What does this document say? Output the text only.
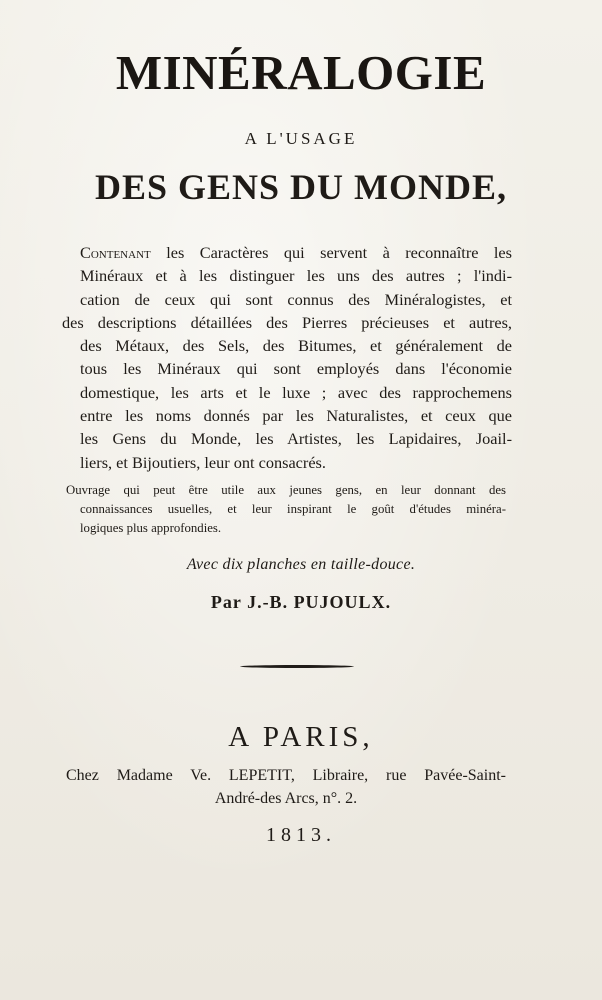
MINÉRALOGIE
A L'USAGE
DES GENS DU MONDE,
Contenant les Caractères qui servent à reconnaître les
Minéraux et à les distinguer les uns des autres ; l'indi-
cation de ceux qui sont connus des Minéralogistes, et
des descriptions détaillées des Pierres précieuses et autres,
des Métaux, des Sels, des Bitumes, et généralement de
tous les Minéraux qui sont employés dans l'économie
domestique, les arts et le luxe ; avec des rapprochemens
entre les noms donnés par les Naturalistes, et ceux que
les Gens du Monde, les Artistes, les Lapidaires, Joail-
liers, et Bijoutiers, leur ont consacrés.
Ouvrage qui peut être utile aux jeunes gens, en leur donnant des
connaissances usuelles, et leur inspirant le goût d'études minéra-
logiques plus approfondies.
Avec dix planches en taille-douce.
Par J.-B. PUJOULX.
A PARIS,
Chez Madame Ve. LEPETIT, Libraire, rue Pavée-Saint-
André-des Arcs, n°. 2.
1813.
